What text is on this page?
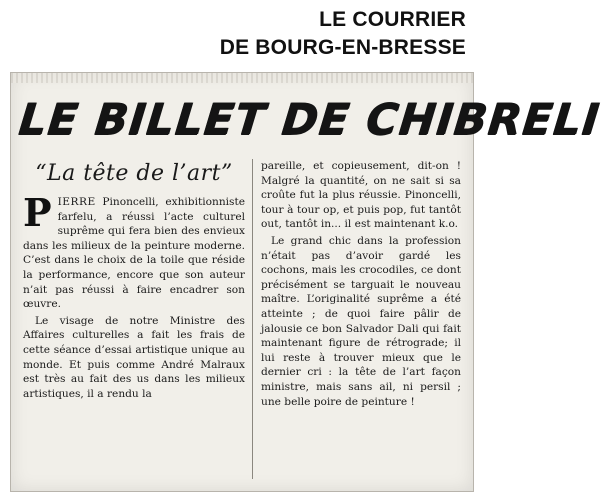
LE COURRIER
DE BOURG-EN-BRESSE
LE BILLET DE CHIBRELI
“La tête de l’art”

PIERRE Pinoncelli, exhibitionniste farfelu, a réussi l’acte culturel suprême qui fera bien des envieux dans les milieux de la peinture moderne. C’est dans le choix de la toile que réside la performance, encore que son auteur n’ait pas réussi à faire encadrer son œuvre.

Le visage de notre Ministre des Affaires culturelles a fait les frais de cette séance d’essai artistique unique au monde. Et puis comme André Malraux est très au fait des us dans les milieux artistiques, il a rendu la

pareille, et copieusement, dit-on ! Malgré la quantité, on ne sait si sa croûte fut la plus réussie. Pinoncelli, tour à tour op, et puis pop, fut tantôt out, tantôt in... il est maintenant k.o.

Le grand chic dans la profession n’était pas d’avoir gardé les cochons, mais les crocodiles, ce dont précisément se targuait le nouveau maître. L’originalité suprême a été atteinte ; de quoi faire pâlir de jalousie ce bon Salvador Dali qui fait maintenant figure de rétrograde; il lui reste à trouver mieux que le dernier cri : la tête de l’art façon ministre, mais sans ail, ni persil ; une belle poire de peinture !
